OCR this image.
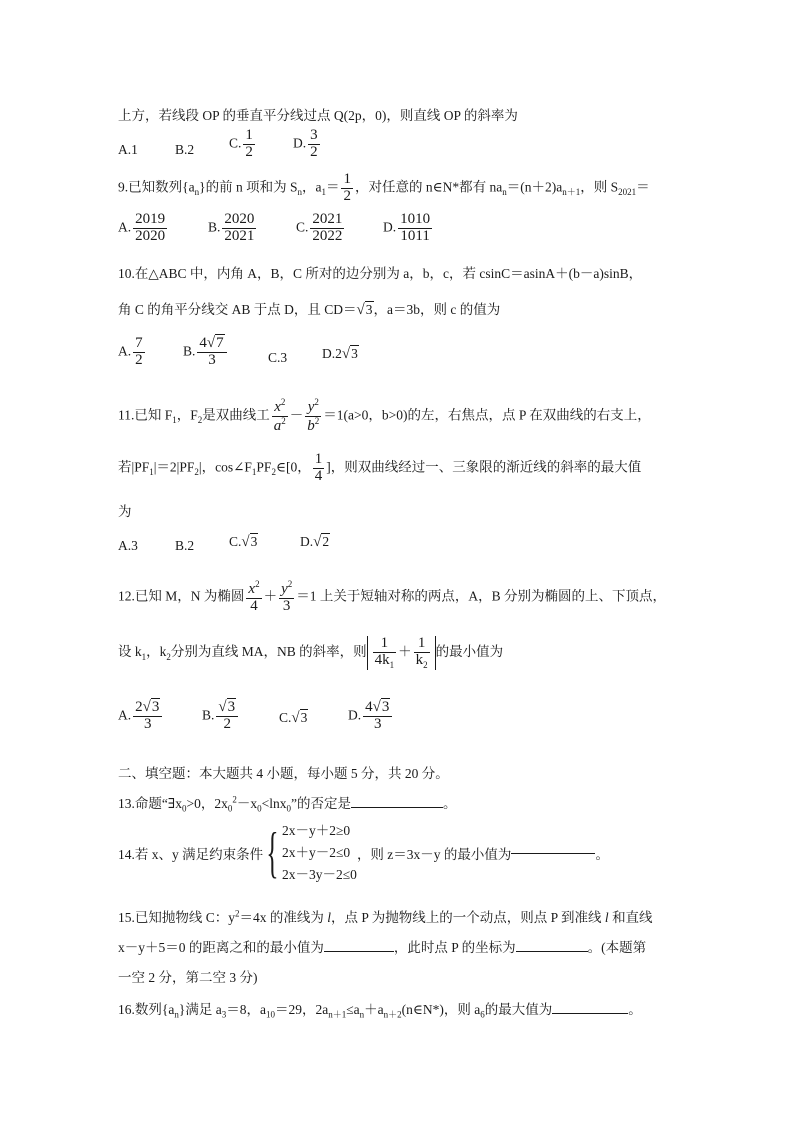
上方，若线段 OP 的垂直平分线过点 Q(2p，0)，则直线 OP 的斜率为
A.1	B.2	C. $\frac{1}{2}$	D. $\frac{3}{2}$
9.已知数列$\{a_n\}$的前 n 项和为 $S_n$，$a_1= \frac{1}{2}$ ，对任意的 n∈N*都有 $na_n=(n+2)a_{n+1}$，则 $S_{2021}=$
A. $\frac{2019}{2020}$	B. $\frac{2020}{2021}$	C. $\frac{2021}{2022}$	D. $\frac{1010}{1011}$
10.在△ABC 中，内角 A，B，C 所对的边分别为 a，b，c，若 csinC＝asinA＋(b－a)sinB，
角 C 的角平分线交 AB 于点 D，且 CD＝√3，a＝3b，则 c 的值为
A. $\frac{7}{2}$	B. $\frac{4√7}{3}$	C.3	D.2√3
11.已知 $F_1$，$F_2$是双曲线工 $\frac{x^2}{a^2} - \frac{y^2}{b^2} =1(a>0$，b>0)的左，右焦点，点 P 在双曲线的右支上，
若$|PF_1|=2|PF_2|$，$\cos\angle F_1PF_2\in[0$， $\frac{1}{4}$ ]，则双曲线经过一、三象限的渐近线的斜率的最大值
为
A.3	B.2	C.√3	D.√2
12.已知 M，N 为椭圆 $\frac{x^2}{4} + \frac{y^2}{3} =1$ 上关于短轴对称的两点，A，B 分别为椭圆的上、下顶点，
设 $k_1$，$k_2$分别为直线 MA，NB 的斜率，则 $\frac{1}{4k_1} + \frac{1}{k_2}$ 的最小值为
A. $\frac{2√3}{3}$	B. $\frac{√3}{2}$	C.√3	D. $\frac{4√3}{3}$
二、填空题：本大题共 4 小题，每小题 5 分，共 20 分。
13.命题“$\exists x_0>0$，$2x_0^2-x_0<\ln x_0$”的否定是	。
14.若 x、y 满足约束条件{ 2x－y＋2≥0
2x＋y－2≤0
2x－3y－2≤0
，则 z＝3x－y 的最小值为	。
15.已知抛物线 C：$y^2=4x$ 的准线为 l，点 P 为抛物线上的一个动点，则点 P 到准线 l 和直线
x－y＋5＝0 的距离之和的最小值为	，此时点 P 的坐标为	。(本题第
一空 2 分，第二空 3 分)
16.数列$\{a_n\}$满足 $a_3=8$，$a_{10}=29$，$2a_{n+1}\le a_n+a_{n+2}(n\in N*)$，则 $a_6$的最大值为	。
